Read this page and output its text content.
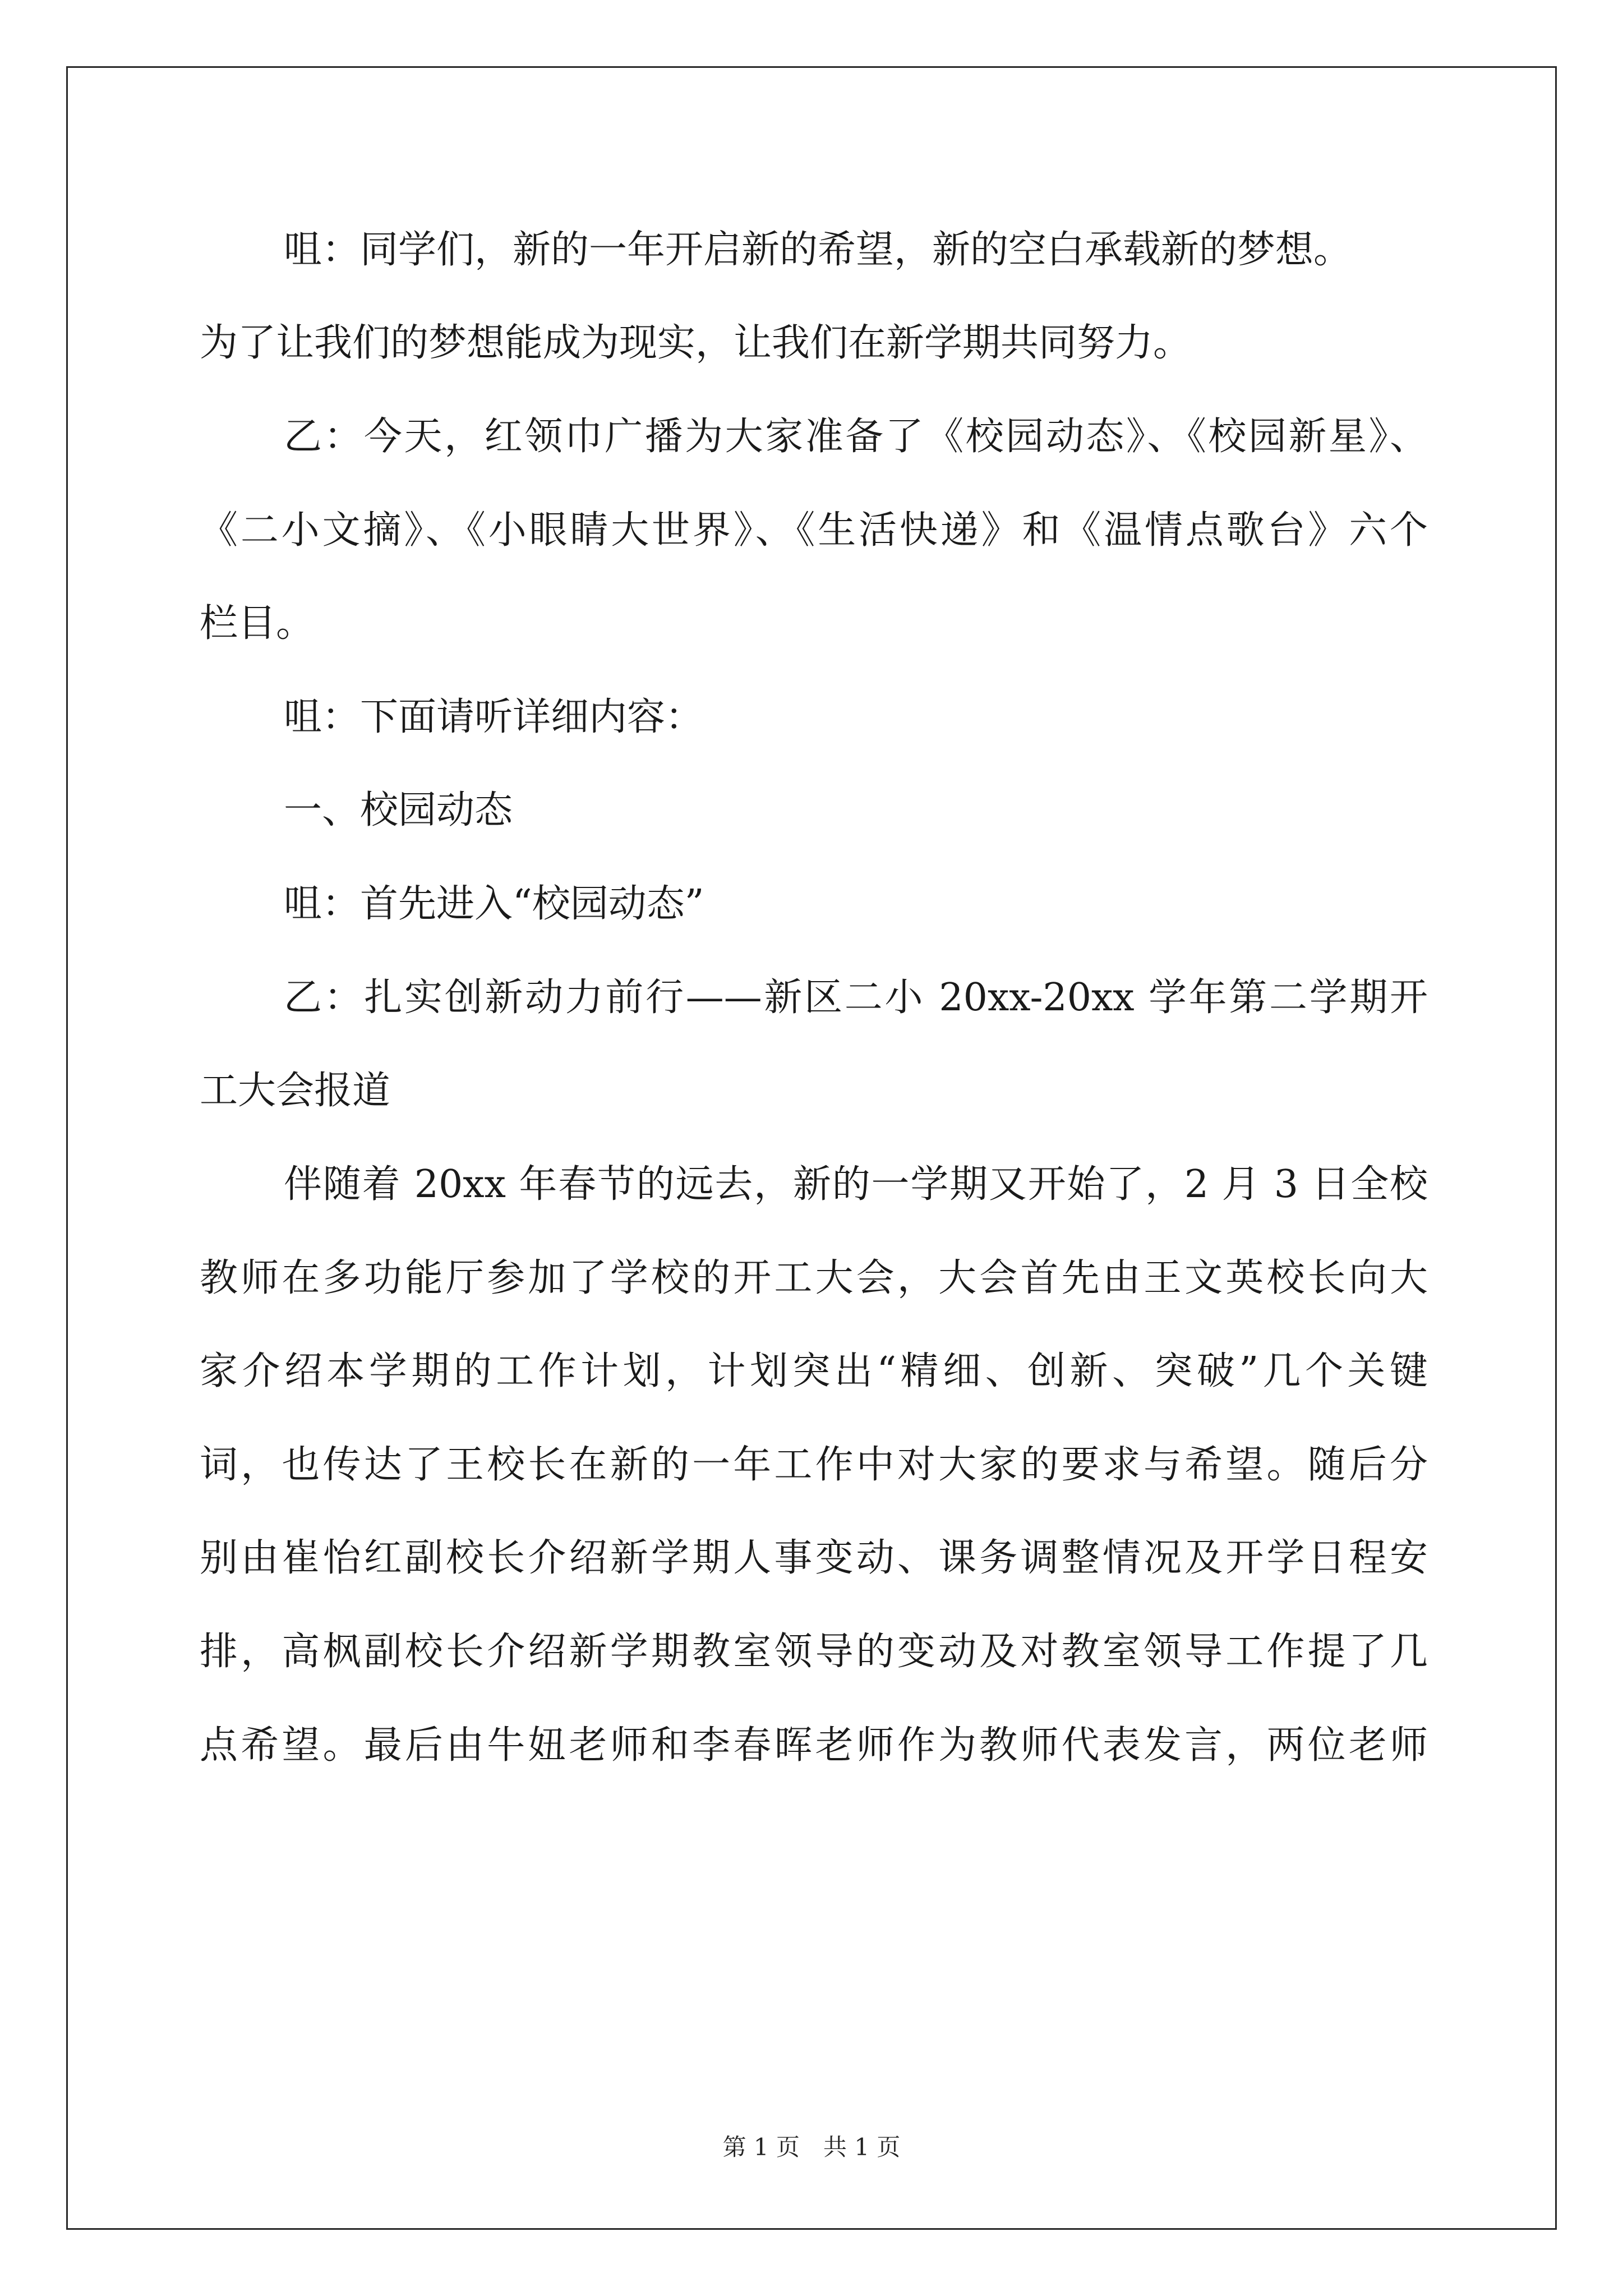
咀：同学们，新的一年开启新的希望，新的空白承载新的梦想。
为了让我们的梦想能成为现实，让我们在新学期共同努力。
乙：今天，红领巾广播为大家准备了《校园动态》、《校园新星》、
《二小文摘》、《小眼睛大世界》、《生活快递》和《温情点歌台》六个
栏目。
咀：下面请听详细内容：
一、校园动态
咀：首先进入“校园动态”
乙：扎实创新动力前行——新区二小 20xx-20xx 学年第二学期开
工大会报道
伴随着 20xx 年春节的远去，新的一学期又开始了，2 月 3 日全校
教师在多功能厅参加了学校的开工大会，大会首先由王文英校长向大
家介绍本学期的工作计划，计划突出“精细、创新、突破”几个关键
词，也传达了王校长在新的一年工作中对大家的要求与希望。随后分
别由崔怡红副校长介绍新学期人事变动、课务调整情况及开学日程安
排，高枫副校长介绍新学期教室领导的变动及对教室领导工作提了几
点希望。最后由牛妞老师和李春晖老师作为教师代表发言，两位老师
第 1 页　共 1 页
